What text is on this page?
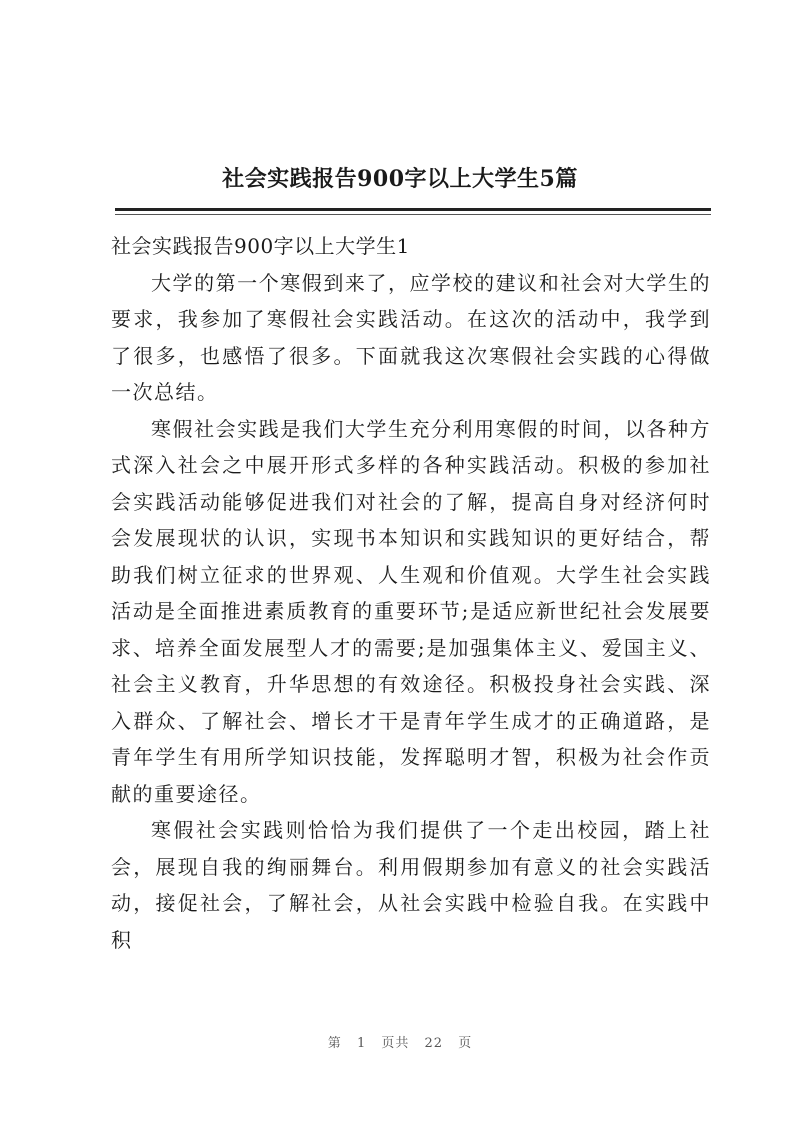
社会实践报告900字以上大学生5篇

社会实践报告900字以上大学生1

大学的第一个寒假到来了，应学校的建议和社会对大学生的要求，我参加了寒假社会实践活动。在这次的活动中，我学到了很多，也感悟了很多。下面就我这次寒假社会实践的心得做一次总结。

寒假社会实践是我们大学生充分利用寒假的时间，以各种方式深入社会之中展开形式多样的各种实践活动。积极的参加社会实践活动能够促进我们对社会的了解，提高自身对经济何时会发展现状的认识，实现书本知识和实践知识的更好结合，帮助我们树立征求的世界观、人生观和价值观。大学生社会实践活动是全面推进素质教育的重要环节;是适应新世纪社会发展要求、培养全面发展型人才的需要;是加强集体主义、爱国主义、社会主义教育，升华思想的有效途径。积极投身社会实践、深入群众、了解社会、增长才干是青年学生成才的正确道路，是青年学生有用所学知识技能，发挥聪明才智，积极为社会作贡献的重要途径。

寒假社会实践则恰恰为我们提供了一个走出校园，踏上社会，展现自我的绚丽舞台。利用假期参加有意义的社会实践活动，接促社会，了解社会，从社会实践中检验自我。在实践中积

第 1 页共 22 页
